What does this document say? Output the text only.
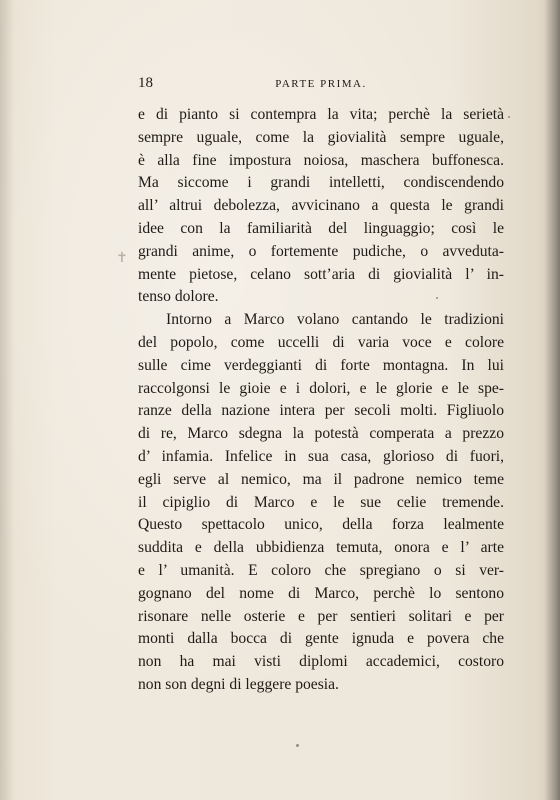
18	PARTE PRIMA.
e di pianto si contempra la vita; perchè la serietà
sempre uguale, come la giovialità sempre uguale,
è alla fine impostura noiosa, maschera buffonesca.
Ma siccome i grandi intelletti, condiscendendo
all’ altrui debolezza, avvicinano a questa le grandi
idee con la familiarità del linguaggio; così le
grandi anime, o fortemente pudiche, o avveduta-
mente pietose, celano sott’aria di giovialità l’ in-
tenso dolore.
Intorno a Marco volano cantando le tradizioni
del popolo, come uccelli di varia voce e colore
sulle cime verdeggianti di forte montagna. In lui
raccolgonsi le gioie e i dolori, e le glorie e le spe-
ranze della nazione intera per secoli molti. Figliuolo
di re, Marco sdegna la potestà comperata a prezzo
d’ infamia. Infelice in sua casa, glorioso di fuori,
egli serve al nemico, ma il padrone nemico teme
il cipiglio di Marco e le sue celie tremende.
Questo spettacolo unico, della forza lealmente
suddita e della ubbidienza temuta, onora e l’ arte
e l’ umanità. E coloro che spregiano o si ver-
gognano del nome di Marco, perchè lo sentono
risonare nelle osterie e per sentieri solitari e per
monti dalla bocca di gente ignuda e povera che
non ha mai visti diplomi accademici, costoro
non son degni di leggere poesia.
✝
